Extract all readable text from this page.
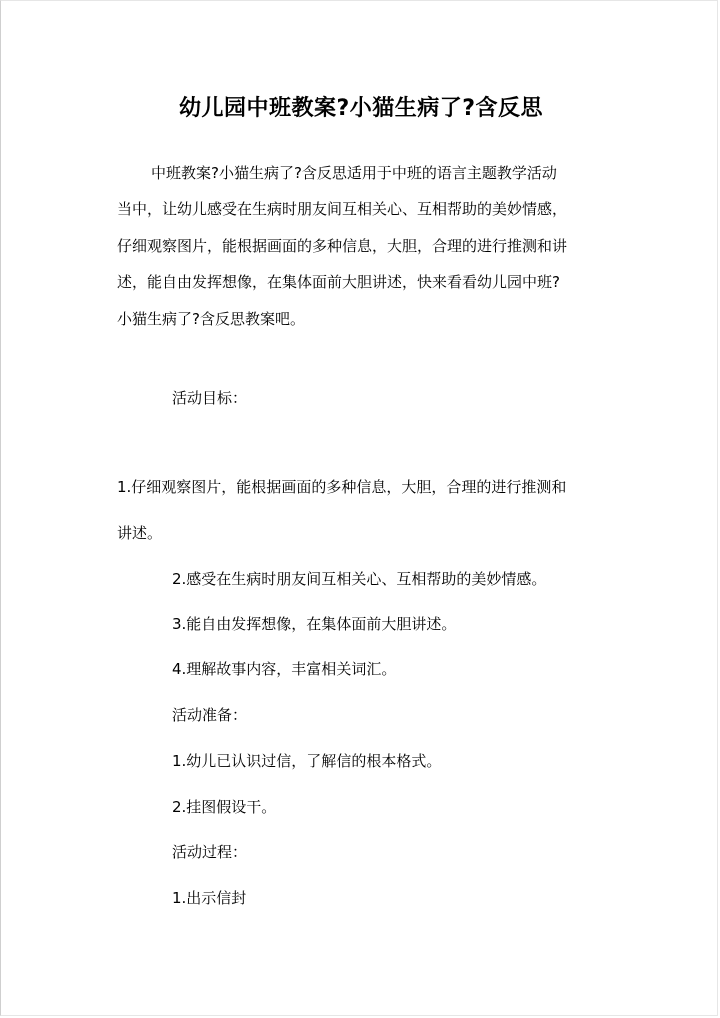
幼儿园中班教案?小猫生病了?含反思

中班教案?小猫生病了?含反思适用于中班的语言主题教学活动
当中，让幼儿感受在生病时朋友间互相关心、互相帮助的美妙情感，
仔细观察图片，能根据画面的多种信息，大胆，合理的进行推测和讲
述，能自由发挥想像，在集体面前大胆讲述，快来看看幼儿园中班?
小猫生病了?含反思教案吧。

活动目标：
1.仔细观察图片，能根据画面的多种信息，大胆，合理的进行推测和
讲述。
2.感受在生病时朋友间互相关心、互相帮助的美妙情感。
3.能自由发挥想像，在集体面前大胆讲述。
4.理解故事内容，丰富相关词汇。
活动准备：
1.幼儿已认识过信，了解信的根本格式。
2.挂图假设干。
活动过程：
1.出示信封
